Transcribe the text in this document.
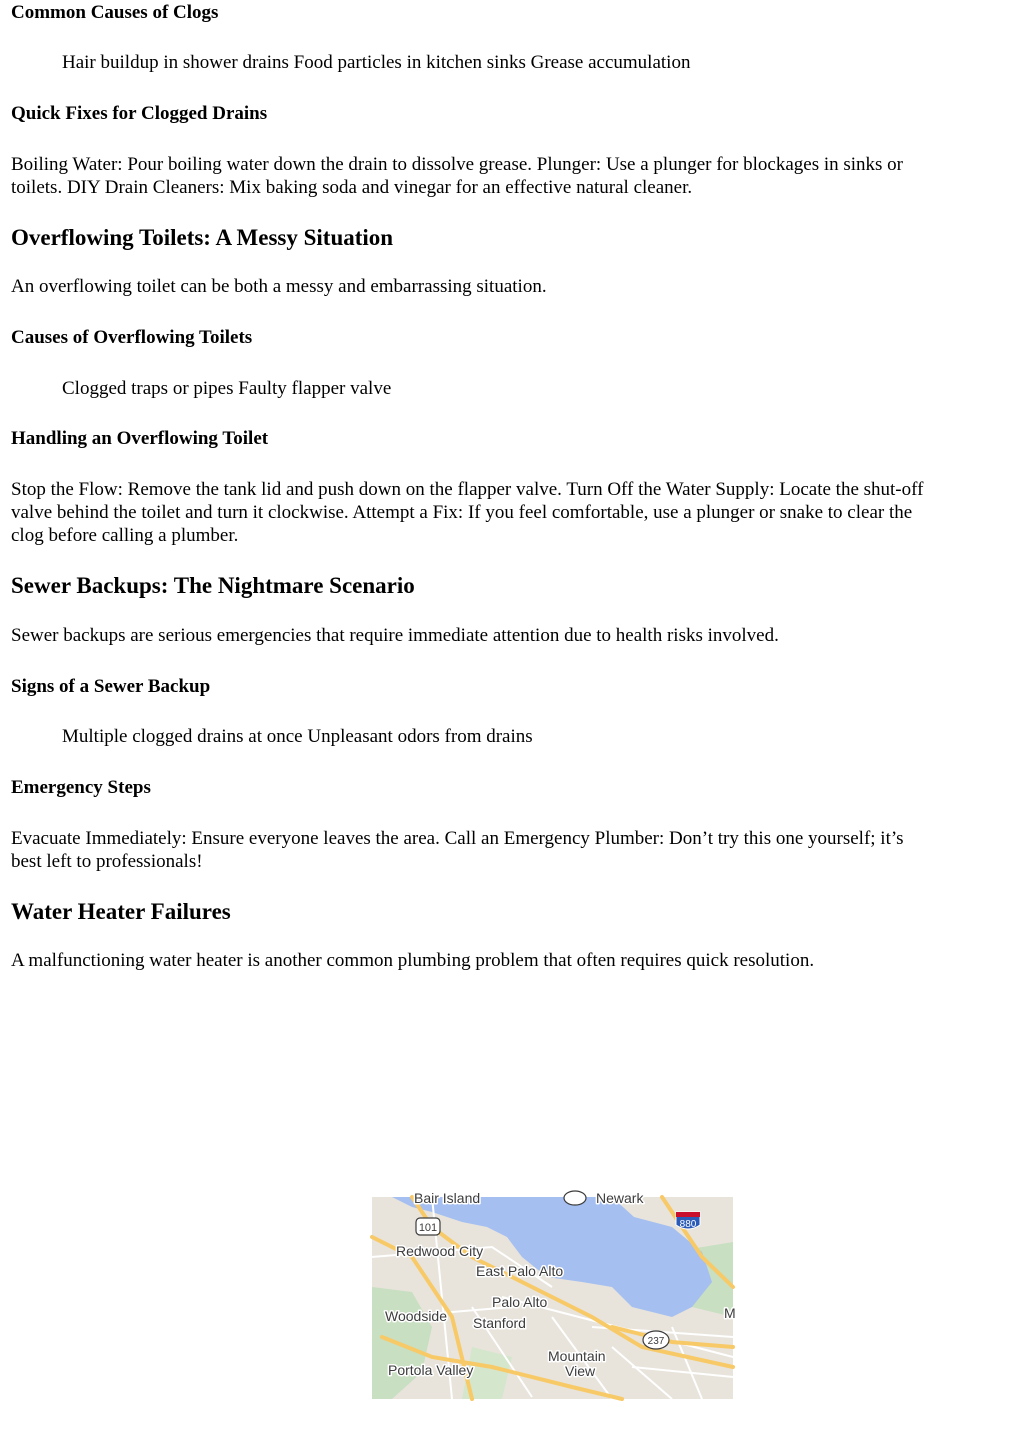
Common Causes of Clogs
Hair buildup in shower drains Food particles in kitchen sinks Grease accumulation
Quick Fixes for Clogged Drains
Boiling Water: Pour boiling water down the drain to dissolve grease. Plunger: Use a plunger for blockages in sinks or
toilets. DIY Drain Cleaners: Mix baking soda and vinegar for an effective natural cleaner.
Overflowing Toilets: A Messy Situation
An overflowing toilet can be both a messy and embarrassing situation.
Causes of Overflowing Toilets
Clogged traps or pipes Faulty flapper valve
Handling an Overflowing Toilet
Stop the Flow: Remove the tank lid and push down on the flapper valve. Turn Off the Water Supply: Locate the shut-off
valve behind the toilet and turn it clockwise. Attempt a Fix: If you feel comfortable, use a plunger or snake to clear the
clog before calling a plumber.
Sewer Backups: The Nightmare Scenario
Sewer backups are serious emergencies that require immediate attention due to health risks involved.
Signs of a Sewer Backup
Multiple clogged drains at once Unpleasant odors from drains
Emergency Steps
Evacuate Immediately: Ensure everyone leaves the area. Call an Emergency Plumber: Don’t try this one yourself; it’s
best left to professionals!
Water Heater Failures
A malfunctioning water heater is another common plumbing problem that often requires quick resolution.
101	880
237
Bair Island	Newark
Redwood City
East Palo Alto
Palo Alto
Woodside Stanford
Mountain
View
Portola Valley
M
